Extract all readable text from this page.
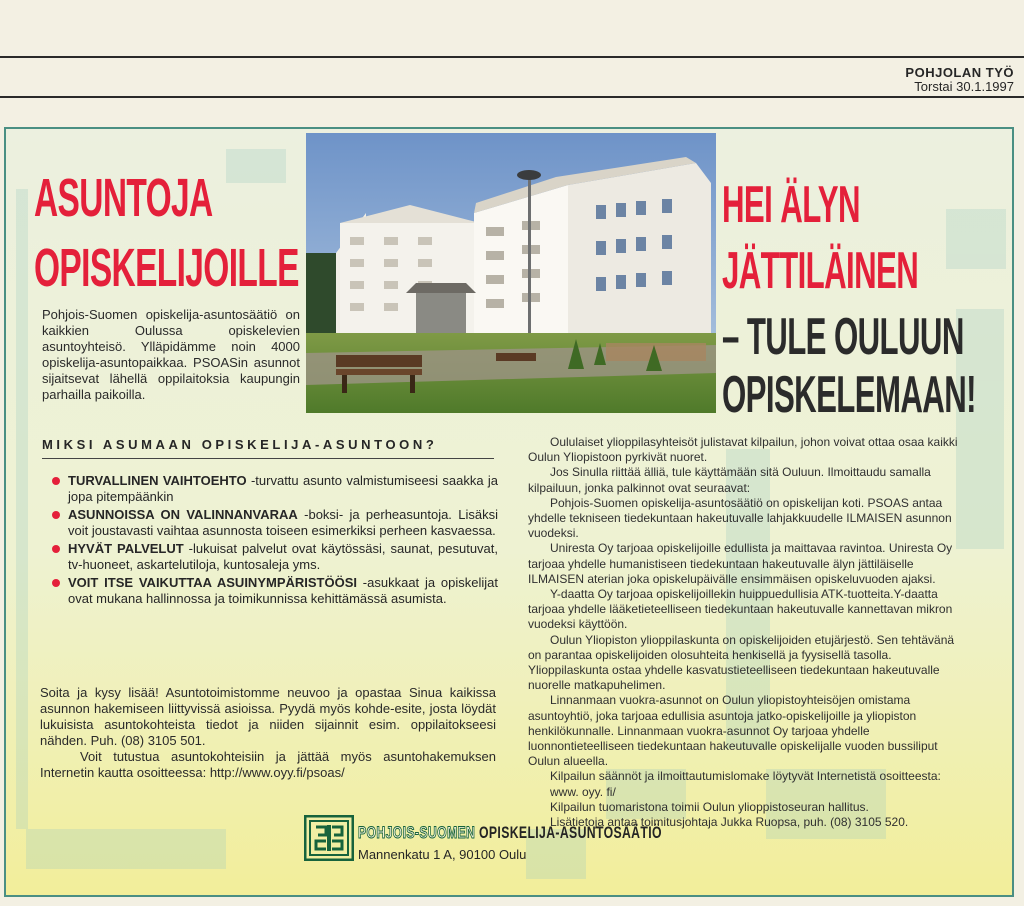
POHJOLAN TYÖ
Torstai 30.1.1997
ASUNTOJA
OPISKELIJOILLE
HEI ÄLYN
JÄTTILÄINEN
– TULE OULUUN
OPISKELEMAAN!

Pohjois-Suomen opiskelija-asuntosäätiö on kaikkien Oulussa opiskelevien asuntoyhteisö. Ylläpidämme noin 4000 opiskelija-asuntopaikkaa. PSOASin asunnot sijaitsevat lähellä oppilaitoksia kaupungin parhailla paikoilla.

MIKSI ASUMAAN OPISKELIJA-ASUNTOON?
TURVALLINEN VAIHTOEHTO -turvattu asunto valmistumiseesi saakka ja jopa pitempäänkin
ASUNNOISSA ON VALINNANVARAA -boksi- ja perheasuntoja. Lisäksi voit joustavasti vaihtaa asunnosta toiseen esimerkiksi perheen kasvaessa.
HYVÄT PALVELUT -lukuisat palvelut ovat käytössäsi, saunat, pesutuvat, tv-huoneet, askartelutiloja, kuntosaleja yms.
VOIT ITSE VAIKUTTAA ASUINYMPÄRISTÖÖSI -asukkaat ja opiskelijat ovat mukana hallinnossa ja toimikunnissa kehittämässä asumista.

Soita ja kysy lisää! Asuntotoimistomme neuvoo ja opastaa Sinua kaikissa asunnon hakemiseen liittyvissä asioissa. Pyydä myös kohde-esite, josta löydät lukuisista asuntokohteista tiedot ja niiden sijainnit esim. oppilaitokseesi nähden. Puh. (08) 3105 501.

Voit tutustua asuntokohteisiin ja jättää myös asuntohakemuksen Internetin kautta osoitteessa: http://www.oyy.fi/psoas/

Oululaiset ylioppilasyhteisöt julistavat kilpailun, johon voivat ottaa osaa kaikki Oulun Yliopistoon pyrkivät nuoret.

Jos Sinulla riittää älliä, tule käyttämään sitä Ouluun. Ilmoittaudu samalla kilpailuun, jonka palkinnot ovat seuraavat:

Pohjois-Suomen opiskelija-asuntosäätiö on opiskelijan koti. PSOAS antaa yhdelle tekniseen tiedekuntaan hakeutuvalle lahjakkuudelle ILMAISEN asunnon vuodeksi.

Uniresta Oy tarjoaa opiskelijoille edullista ja maittavaa ravintoa. Uniresta Oy tarjoaa yhdelle humanistiseen tiedekuntaan hakeutuvalle älyn jättiläiselle ILMAISEN aterian joka opiskelupäivälle ensimmäisen opiskeluvuoden ajaksi.

Y-daatta Oy tarjoaa opiskelijoillekin huippuedullisia ATK-tuotteita.Y-daatta tarjoaa yhdelle lääketieteelliseen tiedekuntaan hakeutuvalle kannettavan mikron vuodeksi käyttöön.

Oulun Yliopiston ylioppilaskunta on opiskelijoiden etujärjestö. Sen tehtävänä on parantaa opiskelijoiden olosuhteita henkisellä ja fyysisellä tasolla. Ylioppilaskunta ostaa yhdelle kasvatustieteelliseen tiedekuntaan hakeutuvalle nuorelle matkapuhelimen.

Linnanmaan vuokra-asunnot on Oulun yliopistoyhteisöjen omistama asuntoyhtiö, joka tarjoaa edullisia asuntoja jatko-opiskelijoille ja yliopiston henkilökunnalle. Linnanmaan vuokra-asunnot Oy tarjoaa yhdelle luonnontieteelliseen tiedekuntaan hakeutuvalle opiskelijalle vuoden bussiliput Oulun alueella.

Kilpailun säännöt ja ilmoittautumislomake löytyvät Internetistä osoitteesta:

www. oyy. fi/

Kilpailun tuomaristona toimii Oulun ylioppistoseuran hallitus.

Lisätietoja antaa toimitusjohtaja Jukka Ruopsa, puh. (08) 3105 520.

POHJOIS-SUOMEN OPISKELIJA-ASUNTOSÄÄTIÖ

Mannenkatu 1 A, 90100 Oulu
